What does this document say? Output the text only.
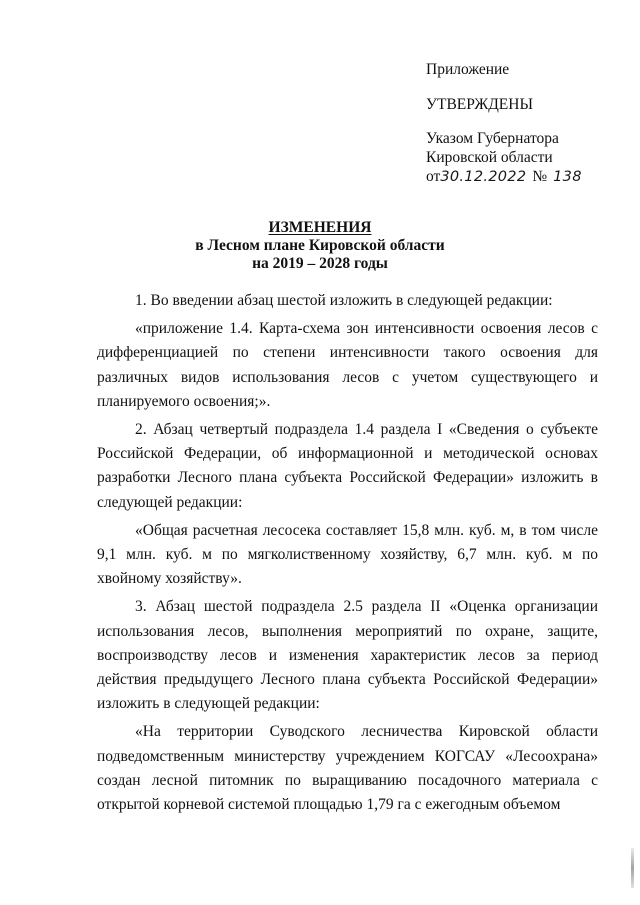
Приложение
УТВЕРЖДЕНЫ
Указом Губернатора
Кировской области
от 30.12.2022 № 138
ИЗМЕНЕНИЯ
в Лесном плане Кировской области
на 2019 – 2028 годы

1. Во введении абзац шестой изложить в следующей редакции:

«приложение 1.4. Карта-схема зон интенсивности освоения лесов с дифференциацией по степени интенсивности такого освоения для различных видов использования лесов с учетом существующего и планируемого освоения;».

2. Абзац четвертый подраздела 1.4 раздела I «Сведения о субъекте Российской Федерации, об информационной и методической основах разработки Лесного плана субъекта Российской Федерации» изложить в следующей редакции:

«Общая расчетная лесосека составляет 15,8 млн. куб. м, в том числе 9,1 млн. куб. м по мягколиственному хозяйству, 6,7 млн. куб. м по хвойному хозяйству».

3. Абзац шестой подраздела 2.5 раздела II «Оценка организации использования лесов, выполнения мероприятий по охране, защите, воспроизводству лесов и изменения характеристик лесов за период действия предыдущего Лесного плана субъекта Российской Федерации» изложить в следующей редакции:

«На территории Суводского лесничества Кировской области подведомственным министерству учреждением КОГСАУ «Лесоохрана» создан лесной питомник по выращиванию посадочного материала с открытой корневой системой площадью 1,79 га с ежегодным объемом
